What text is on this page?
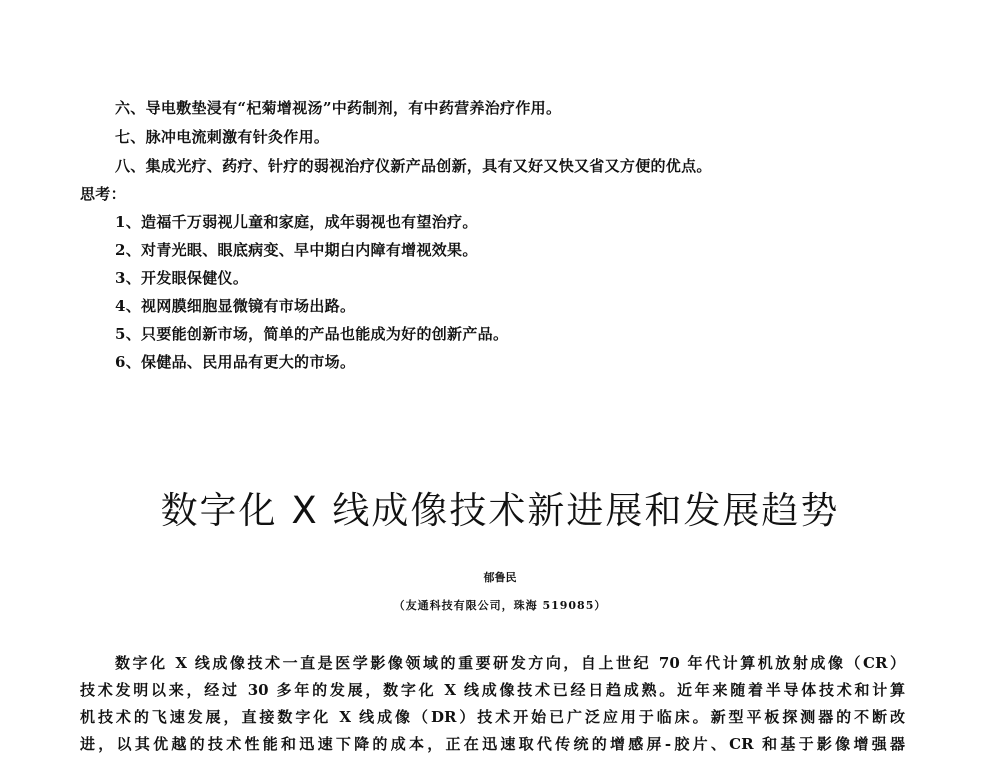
六、导电敷垫浸有“杞菊增视汤”中药制剂，有中药营养治疗作用。
七、脉冲电流刺激有针灸作用。
八、集成光疗、药疗、针疗的弱视治疗仪新产品创新，具有又好又快又省又方便的优点。
思考：
1、造福千万弱视儿童和家庭，成年弱视也有望治疗。
2、对青光眼、眼底病变、早中期白内障有增视效果。
3、开发眼保健仪。
4、视网膜细胞显微镜有市场出路。
5、只要能创新市场，简单的产品也能成为好的创新产品。
6、保健品、民用品有更大的市场。
数字化 X 线成像技术新进展和发展趋势
郁鲁民
（友通科技有限公司，珠海 519085）
数字化 X 线成像技术一直是医学影像领域的重要研发方向，自上世纪 70 年代计算机放射成像（CR）
技术发明以来，经过 30 多年的发展，数字化 X 线成像技术已经日趋成熟。近年来随着半导体技术和计算
机技术的飞速发展，直接数字化 X 线成像（DR）技术开始已广泛应用于临床。新型平板探测器的不断改
进，以其优越的技术性能和迅速下降的成本，正在迅速取代传统的增感屏-胶片、CR 和基于影像增强器
